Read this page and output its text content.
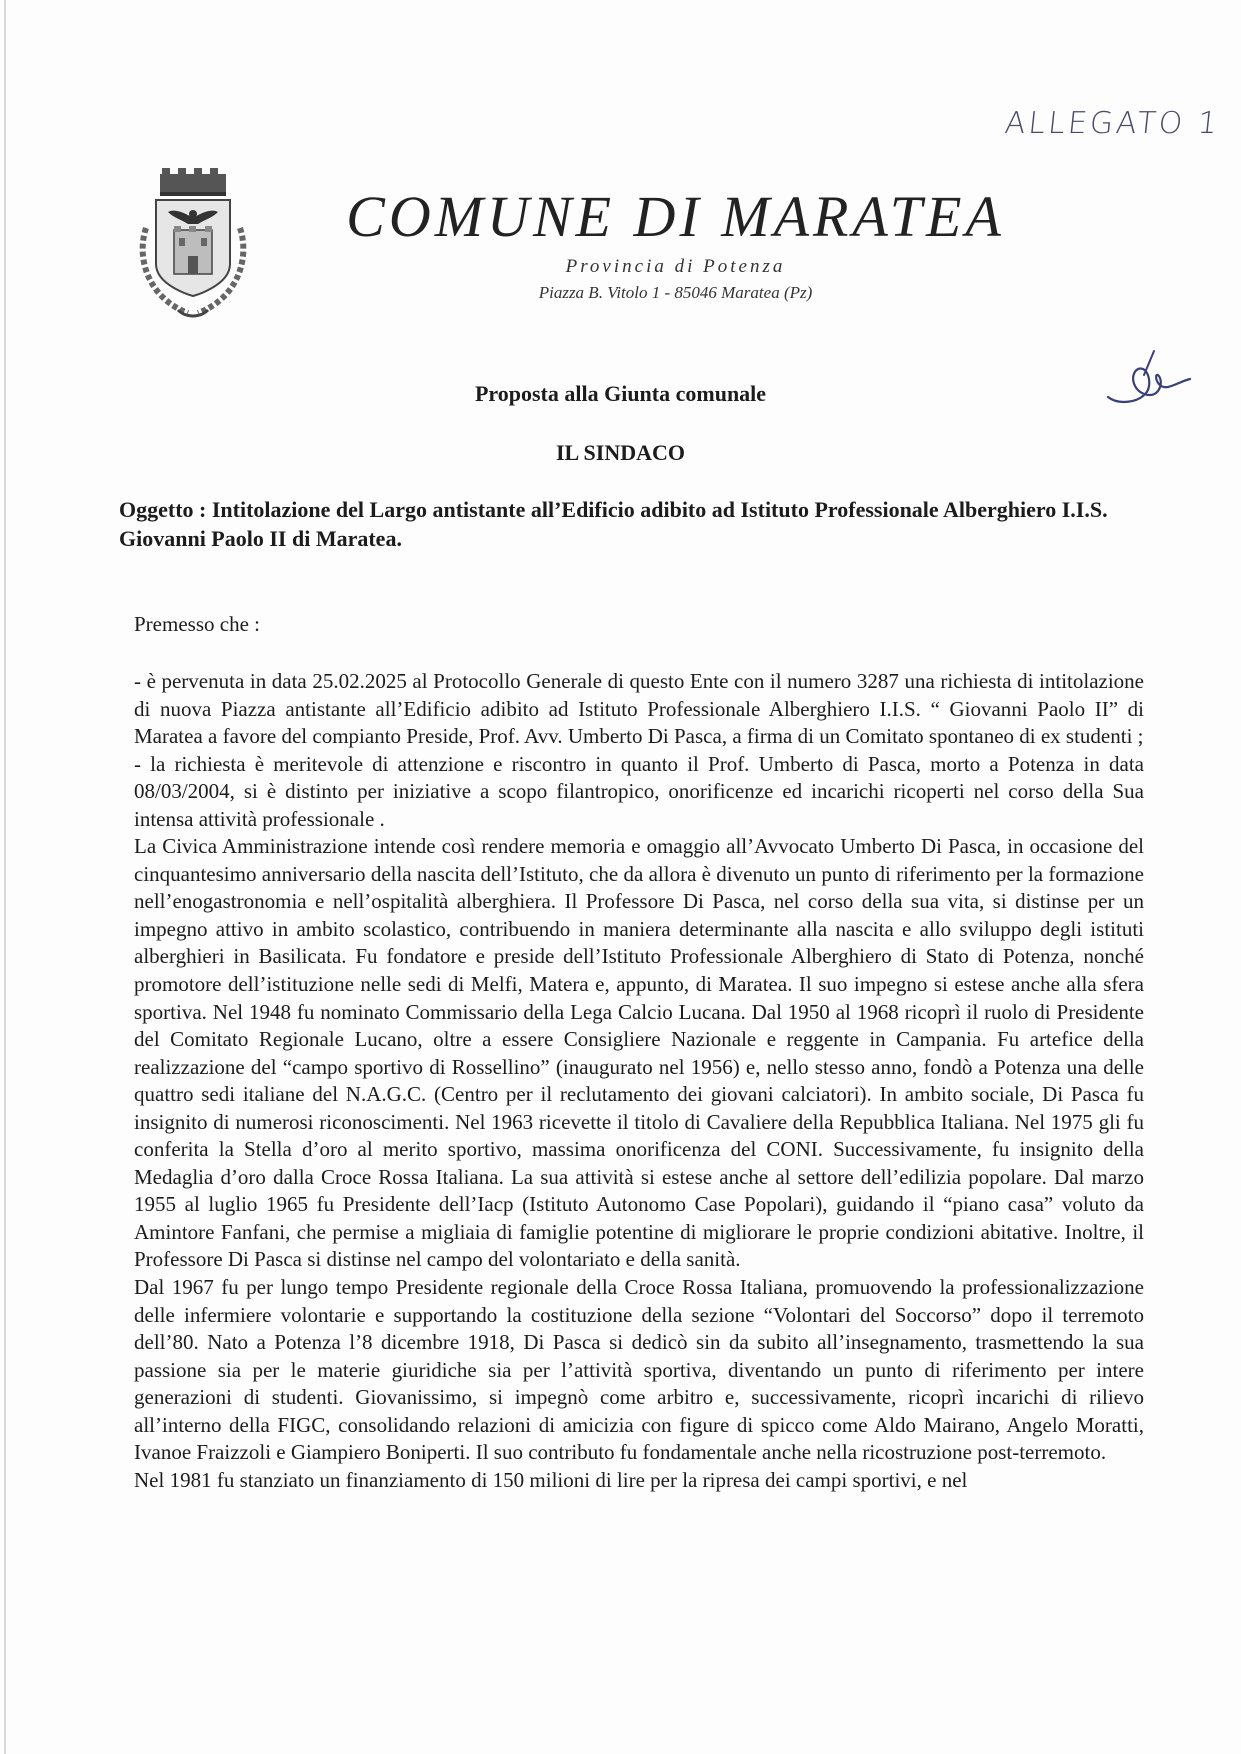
ALLEGATO 1
COMUNE DI MARATEA
Provincia di Potenza
Piazza B. Vitolo 1 - 85046 Maratea (Pz)
Proposta alla Giunta comunale
IL SINDACO
Oggetto : Intitolazione del Largo antistante all’Edificio adibito ad Istituto Professionale Alberghiero I.I.S. Giovanni Paolo II di Maratea.
Premesso che :

- è pervenuta in data 25.02.2025 al Protocollo Generale di questo Ente con il numero 3287 una richiesta di intitolazione di nuova Piazza antistante all’Edificio adibito ad Istituto Professionale Alberghiero I.I.S. “ Giovanni Paolo II” di Maratea a favore del compianto Preside, Prof. Avv. Umberto Di Pasca, a firma di un Comitato spontaneo di ex studenti ;

- la richiesta è meritevole di attenzione e riscontro in quanto il Prof. Umberto di Pasca, morto a Potenza in data 08/03/2004, si è distinto per iniziative a scopo filantropico, onorificenze ed incarichi ricoperti nel corso della Sua intensa attività professionale .

La Civica Amministrazione intende così rendere memoria e omaggio all’Avvocato Umberto Di Pasca, in occasione del cinquantesimo anniversario della nascita dell’Istituto, che da allora è divenuto un punto di riferimento per la formazione nell’enogastronomia e nell’ospitalità alberghiera. Il Professore Di Pasca, nel corso della sua vita, si distinse per un impegno attivo in ambito scolastico, contribuendo in maniera determinante alla nascita e allo sviluppo degli istituti alberghieri in Basilicata. Fu fondatore e preside dell’Istituto Professionale Alberghiero di Stato di Potenza, nonché promotore dell’istituzione nelle sedi di Melfi, Matera e, appunto, di Maratea. Il suo impegno si estese anche alla sfera sportiva. Nel 1948 fu nominato Commissario della Lega Calcio Lucana. Dal 1950 al 1968 ricoprì il ruolo di Presidente del Comitato Regionale Lucano, oltre a essere Consigliere Nazionale e reggente in Campania. Fu artefice della realizzazione del “campo sportivo di Rossellino” (inaugurato nel 1956) e, nello stesso anno, fondò a Potenza una delle quattro sedi italiane del N.A.G.C. (Centro per il reclutamento dei giovani calciatori). In ambito sociale, Di Pasca fu insignito di numerosi riconoscimenti. Nel 1963 ricevette il titolo di Cavaliere della Repubblica Italiana. Nel 1975 gli fu conferita la Stella d’oro al merito sportivo, massima onorificenza del CONI. Successivamente, fu insignito della Medaglia d’oro dalla Croce Rossa Italiana. La sua attività si estese anche al settore dell’edilizia popolare. Dal marzo 1955 al luglio 1965 fu Presidente dell’Iacp (Istituto Autonomo Case Popolari), guidando il “piano casa” voluto da Amintore Fanfani, che permise a migliaia di famiglie potentine di migliorare le proprie condizioni abitative. Inoltre, il Professore Di Pasca si distinse nel campo del volontariato e della sanità.

Dal 1967 fu per lungo tempo Presidente regionale della Croce Rossa Italiana, promuovendo la professionalizzazione delle infermiere volontarie e supportando la costituzione della sezione “Volontari del Soccorso” dopo il terremoto dell’80. Nato a Potenza l’8 dicembre 1918, Di Pasca si dedicò sin da subito all’insegnamento, trasmettendo la sua passione sia per le materie giuridiche sia per l’attività sportiva, diventando un punto di riferimento per intere generazioni di studenti. Giovanissimo, si impegnò come arbitro e, successivamente, ricoprì incarichi di rilievo all’interno della FIGC, consolidando relazioni di amicizia con figure di spicco come Aldo Mairano, Angelo Moratti, Ivanoe Fraizzoli e Giampiero Boniperti. Il suo contributo fu fondamentale anche nella ricostruzione post-terremoto.

Nel 1981 fu stanziato un finanziamento di 150 milioni di lire per la ripresa dei campi sportivi, e nel
